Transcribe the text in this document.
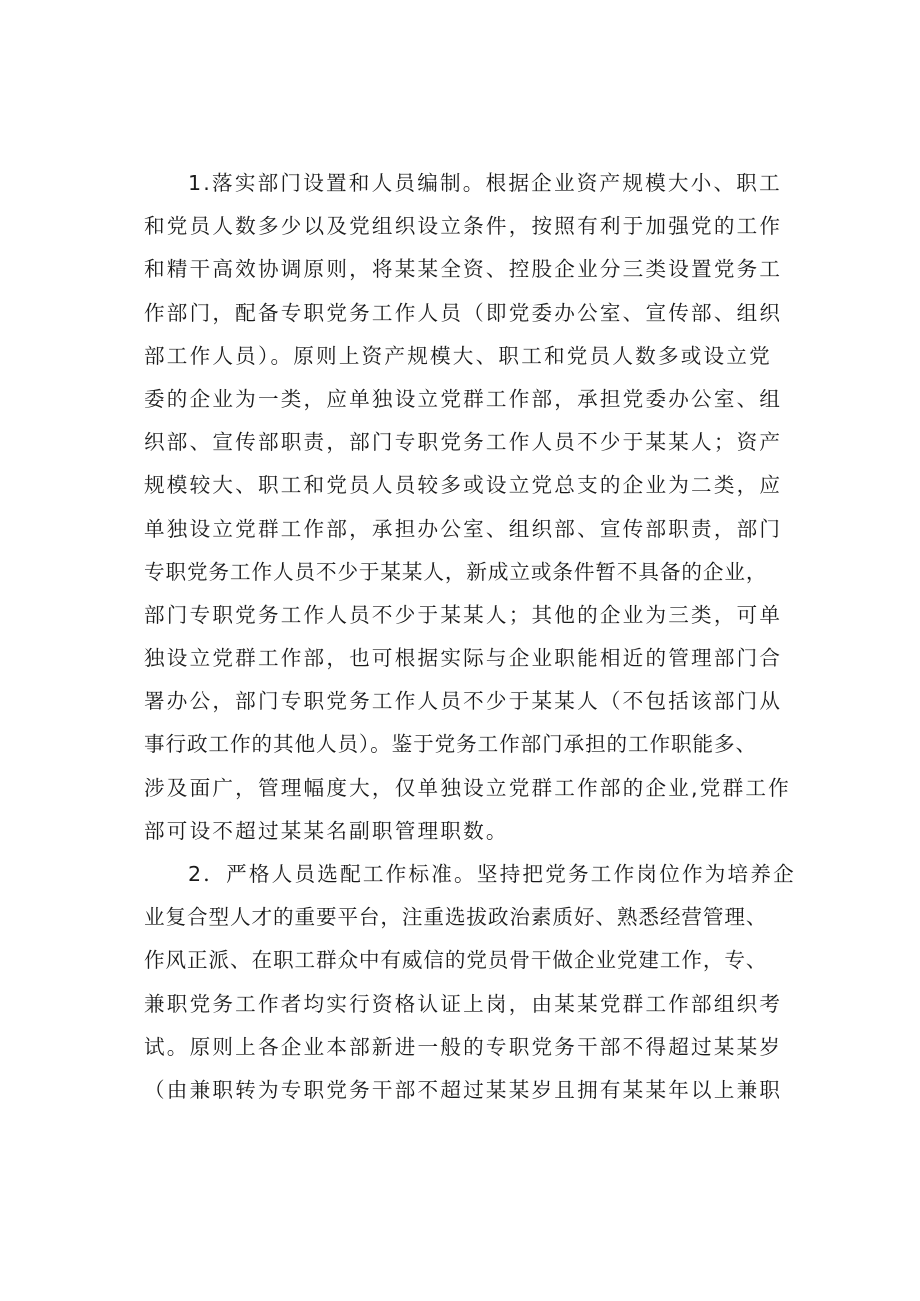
1.落实部门设置和人员编制。根据企业资产规模大小、职工
和党员人数多少以及党组织设立条件，按照有利于加强党的工作
和精干高效协调原则，将某某全资、控股企业分三类设置党务工
作部门，配备专职党务工作人员（即党委办公室、宣传部、组织
部工作人员）。原则上资产规模大、职工和党员人数多或设立党
委的企业为一类，应单独设立党群工作部，承担党委办公室、组
织部、宣传部职责，部门专职党务工作人员不少于某某人；资产
规模较大、职工和党员人员较多或设立党总支的企业为二类，应
单独设立党群工作部，承担办公室、组织部、宣传部职责，部门
专职党务工作人员不少于某某人，新成立或条件暂不具备的企业，
部门专职党务工作人员不少于某某人；其他的企业为三类，可单
独设立党群工作部，也可根据实际与企业职能相近的管理部门合
署办公，部门专职党务工作人员不少于某某人（不包括该部门从
事行政工作的其他人员）。鉴于党务工作部门承担的工作职能多、
涉及面广，管理幅度大，仅单独设立党群工作部的企业,党群工作
部可设不超过某某名副职管理职数。
2．严格人员选配工作标准。坚持把党务工作岗位作为培养企
业复合型人才的重要平台，注重选拔政治素质好、熟悉经营管理、
作风正派、在职工群众中有威信的党员骨干做企业党建工作，专、
兼职党务工作者均实行资格认证上岗，由某某党群工作部组织考
试。原则上各企业本部新进一般的专职党务干部不得超过某某岁
（由兼职转为专职党务干部不超过某某岁且拥有某某年以上兼职
